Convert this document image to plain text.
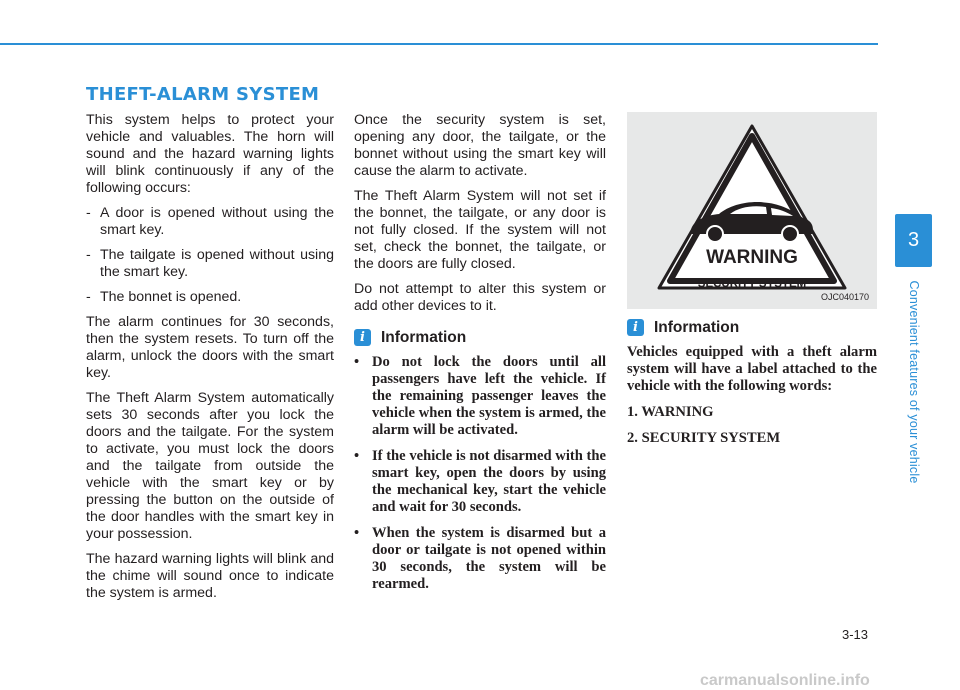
THEFT-ALARM SYSTEM

This system helps to protect your vehicle and valuables. The horn will sound and the hazard warning lights will blink continuously if any of the following occurs:

- A door is opened without using the smart key.

- The tailgate is opened without using the smart key.

- The bonnet is opened.

The alarm continues for 30 seconds, then the system resets. To turn off the alarm, unlock the doors with the smart key.

The Theft Alarm System automatically sets 30 seconds after you lock the doors and the tailgate. For the system to activate, you must lock the doors and the tailgate from outside the vehicle with the smart key or by pressing the button on the outside of the door handles with the smart key in your possession.

The hazard warning lights will blink and the chime will sound once to indicate the system is armed.

Once the security system is set, opening any door, the tailgate, or the bonnet without using the smart key will cause the alarm to activate.

The Theft Alarm System will not set if the bonnet, the tailgate, or any door is not fully closed. If the system will not set, check the bonnet, the tailgate, or the doors are fully closed.

Do not attempt to alter this system or add other devices to it.

i	Information
• Do not lock the doors until all passengers have left the vehicle. If the remaining passenger leaves the vehicle when the system is armed, the alarm will be activated.
• If the vehicle is not disarmed with the smart key, open the doors by using the mechanical key, start the vehicle and wait for 30 seconds.
• When the system is disarmed but a door or tailgate is not opened within 30 seconds, the system will be rearmed.
WARNING
SECURITY SYSTEM
OJC040170
i	Information

Vehicles equipped with a theft alarm system will have a label attached to the vehicle with the following words:

1. WARNING

2. SECURITY SYSTEM

3
Convenient features of your vehicle
3-13
carmanualsonline.info
